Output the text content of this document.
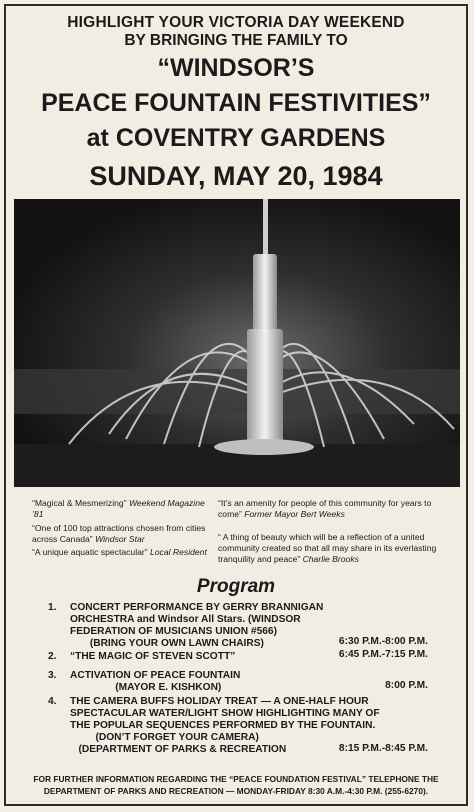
HIGHLIGHT YOUR VICTORIA DAY WEEKEND
BY BRINGING THE FAMILY TO
“WINDSOR’S
PEACE FOUNTAIN FESTIVITIES”
at COVENTRY GARDENS
SUNDAY, MAY 20, 1984
“Magical & Mesmerizing” Weekend Magazine ’81
“One of 100 top attractions chosen from cities across Canada” Windsor Star
“A unique aquatic spectacular” Local Resident
“It’s an amenity for people of this community for years to come” Former Mayor Bert Weeks
“ A thing of beauty which will be a reflection of a united community created so that all may share in its everlasting tranquility and peace” Charlie Brooks
Program
1. CONCERT PERFORMANCE BY GERRY BRANNIGAN
ORCHESTRA and Windsor All Stars. (WINDSOR
FEDERATION OF MUSICIANS UNION #566)
(BRING YOUR OWN LAWN CHAIRS)	6:30 P.M.-8:00 P.M.
2. “THE MAGIC OF STEVEN SCOTT”	6:45 P.M.-7:15 P.M.
3. ACTIVATION OF PEACE FOUNTAIN
(MAYOR E. KISHKON)	8:00 P.M.
4. THE CAMERA BUFFS HOLIDAY TREAT — A ONE-HALF HOUR
SPECTACULAR WATER/LIGHT SHOW HIGHLIGHTING MANY OF
THE POPULAR SEQUENCES PERFORMED BY THE FOUNTAIN.
(DON’T FORGET YOUR CAMERA)
(DEPARTMENT OF PARKS & RECREATION	8:15 P.M.-8:45 P.M.
FOR FURTHER INFORMATION REGARDING THE “PEACE FOUNDATION FESTIVAL” TELEPHONE THE
DEPARTMENT OF PARKS AND RECREATION — MONDAY-FRIDAY 8:30 A.M.-4:30 P.M. (255-6270).
